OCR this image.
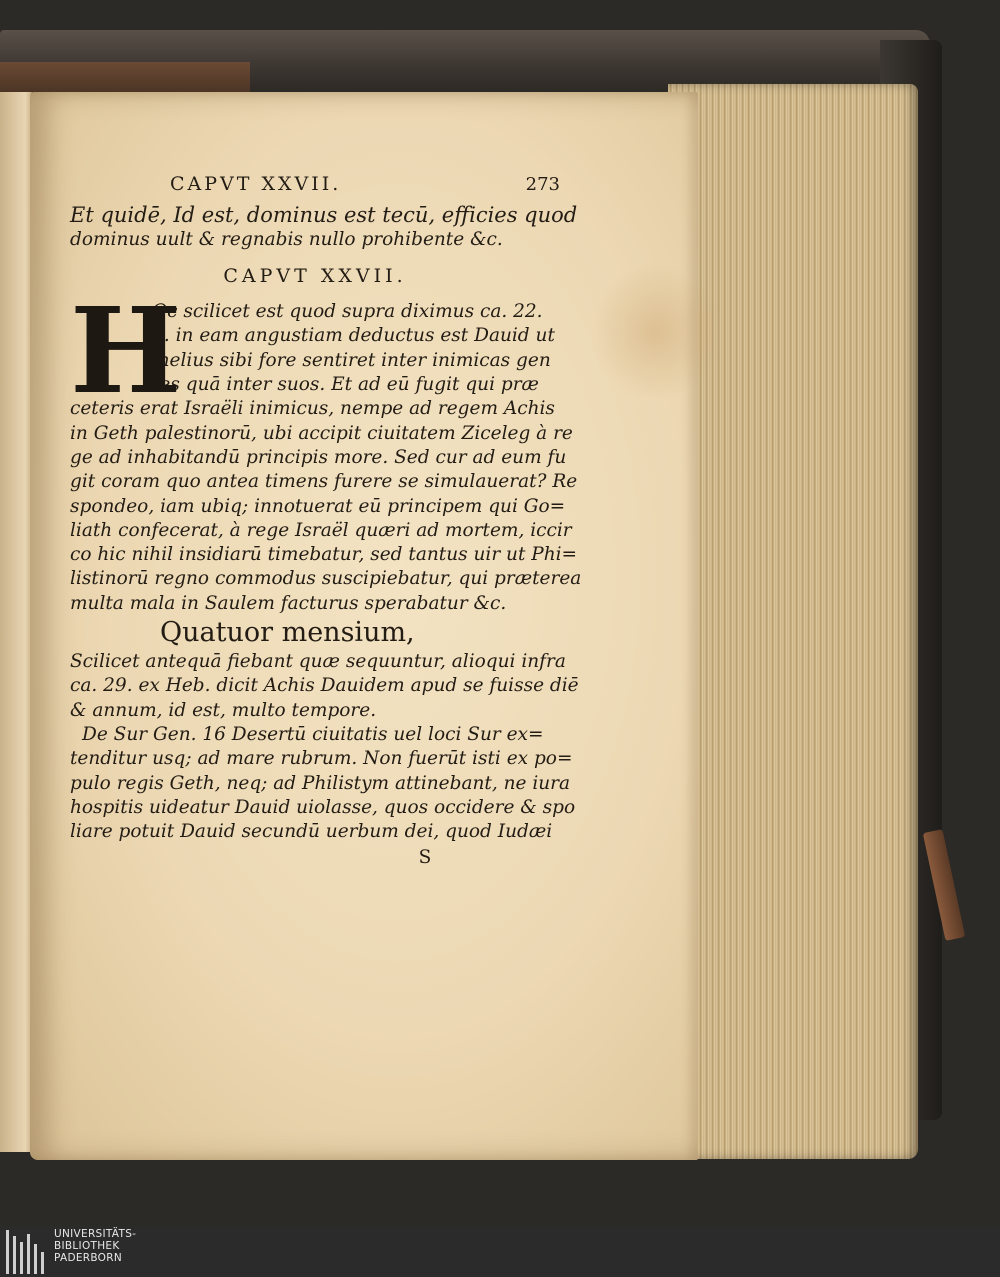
CAPVT XXVII.	273
Et quidē, Id est, dominus est tecū, efficies quod
dominus uult & regnabis nullo prohibente &c.
CAPVT XXVII.
H
Oc scilicet est quod supra diximus ca. 22.
q. in eam angustiam deductus est Dauid ut
melius sibi fore sentiret inter inimicas gen
tes quā inter suos. Et ad eū fugit qui præ
ceteris erat Israëli inimicus, nempe ad regem Achis
in Geth palestinorū, ubi accipit ciuitatem Ziceleg à re
ge ad inhabitandū principis more. Sed cur ad eum fu
git coram quo antea timens furere se simulauerat? Re
spondeo, iam ubiq; innotuerat eū principem qui Go=
liath confecerat, à rege Israël quæri ad mortem, iccir
co hic nihil insidiarū timebatur, sed tantus uir ut Phi=
listinorū regno commodus suscipiebatur, qui præterea
multa mala in Saulem facturus sperabatur &c.
Quatuor mensium,
Scilicet antequā fiebant quæ sequuntur, alioqui infra
ca. 29. ex Heb. dicit Achis Dauidem apud se fuisse diē
& annum, id est, multo tempore.
De Sur Gen. 16 Desertū ciuitatis uel loci Sur ex=
tenditur usq; ad mare rubrum. Non fuerūt isti ex po=
pulo regis Geth, neq; ad Philistym attinebant, ne iura
hospitis uideatur Dauid uiolasse, quos occidere & spo
liare potuit Dauid secundū uerbum dei, quod Iudæi
S
UNIVERSITÄTS-
BIBLIOTHEK
PADERBORN
